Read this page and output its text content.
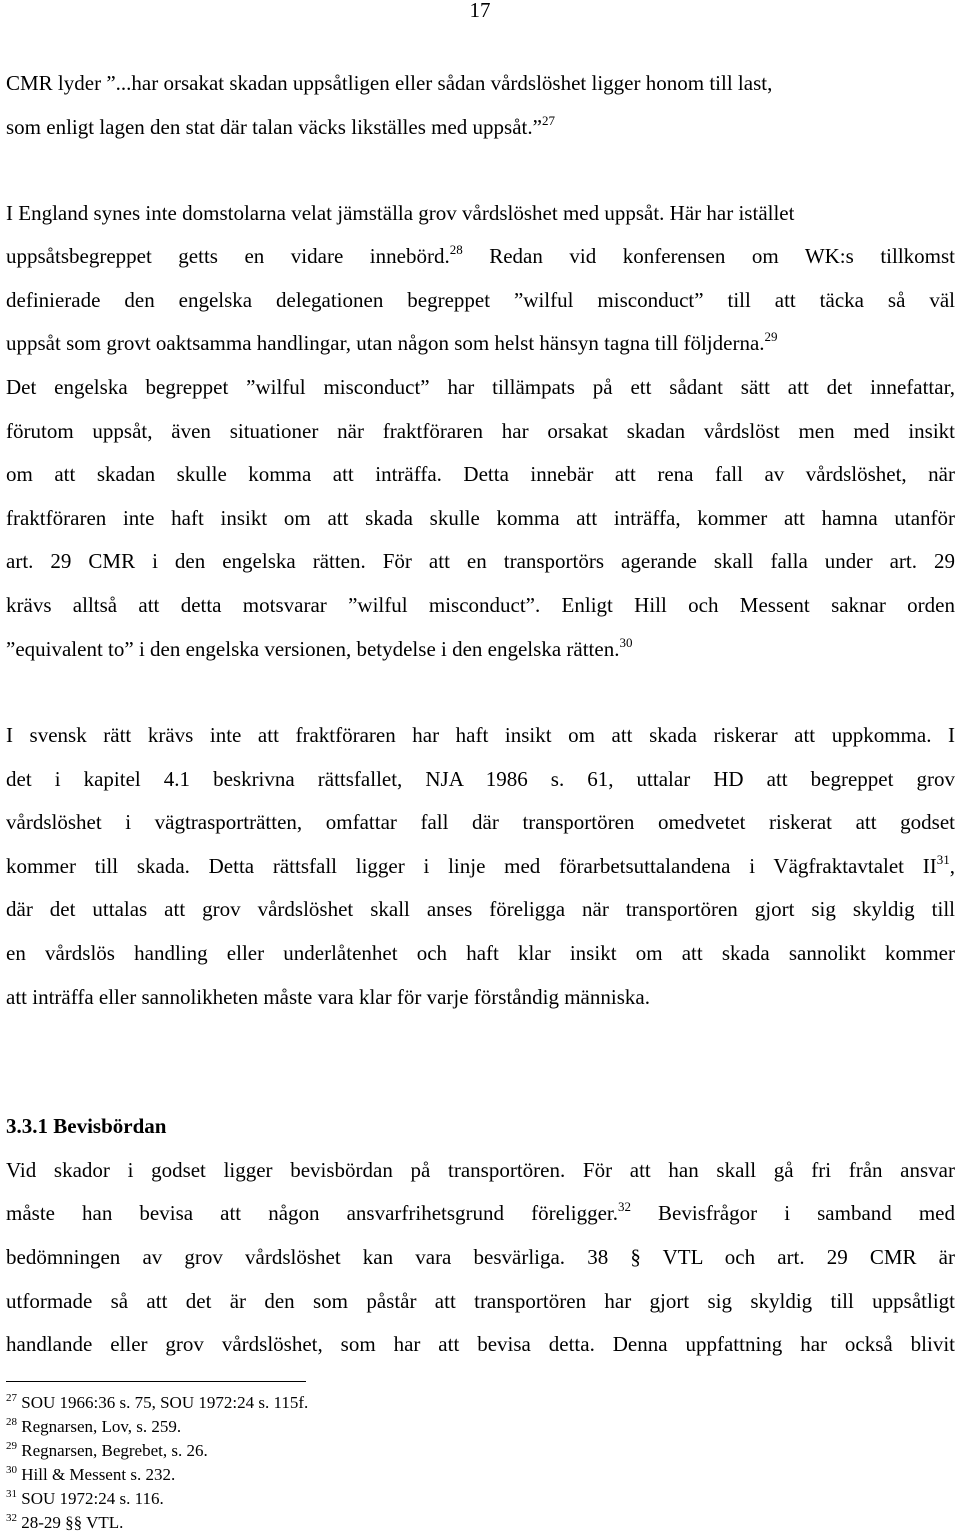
17
CMR lyder ”...har orsakat skadan uppsåtligen eller sådan vårdslöshet ligger honom till last,
som enligt lagen den stat där talan väcks likställes med uppsåt.”$^{27}$
I England synes inte domstolarna velat jämställa grov vårdslöshet med uppsåt. Här har istället
uppsåtsbegreppet getts en vidare innebörd.$^{28}$ Redan vid konferensen om WK:s tillkomst
definierade den engelska delegationen begreppet ”wilful misconduct” till att täcka så väl
uppsåt som grovt oaktsamma handlingar, utan någon som helst hänsyn tagna till följderna.$^{29}$
Det engelska begreppet ”wilful misconduct” har tillämpats på ett sådant sätt att det innefattar,
förutom uppsåt, även situationer när fraktföraren har orsakat skadan vårdslöst men med insikt
om att skadan skulle komma att inträffa. Detta innebär att rena fall av vårdslöshet, när
fraktföraren inte haft insikt om att skada skulle komma att inträffa, kommer att hamna utanför
art. 29 CMR i den engelska rätten. För att en transportörs agerande skall falla under art. 29
krävs alltså att detta motsvarar ”wilful misconduct”. Enligt Hill och Messent saknar orden
”equivalent to” i den engelska versionen, betydelse i den engelska rätten.$^{30}$
I svensk rätt krävs inte att fraktföraren har haft insikt om att skada riskerar att uppkomma. I
det i kapitel 4.1 beskrivna rättsfallet, NJA 1986 s. 61, uttalar HD att begreppet grov
vårdslöshet i vägtrasporträtten, omfattar fall där transportören omedvetet riskerat att godset
kommer till skada. Detta rättsfall ligger i linje med förarbetsuttalandena i Vägfraktavtalet II$^{31}$,
där det uttalas att grov vårdslöshet skall anses föreligga när transportören gjort sig skyldig till
en vårdslös handling eller underlåtenhet och haft klar insikt om att skada sannolikt kommer
att inträffa eller sannolikheten måste vara klar för varje förståndig människa.
3.3.1 Bevisbördan
Vid skador i godset ligger bevisbördan på transportören. För att han skall gå fri från ansvar
måste han bevisa att någon ansvarfrihetsgrund föreligger.$^{32}$ Bevisfrågor i samband med
bedömningen av grov vårdslöshet kan vara besvärliga. 38 § VTL och art. 29 CMR är
utformade så att det är den som påstår att transportören har gjort sig skyldig till uppsåtligt
handlande eller grov vårdslöshet, som har att bevisa detta. Denna uppfattning har också blivit
$^{27}$ SOU 1966:36 s. 75, SOU 1972:24 s. 115f.
$^{28}$ Regnarsen, Lov, s. 259.
$^{29}$ Regnarsen, Begrebet, s. 26.
$^{30}$ Hill & Messent s. 232.
$^{31}$ SOU 1972:24 s. 116.
$^{32}$ 28-29 §§ VTL.
